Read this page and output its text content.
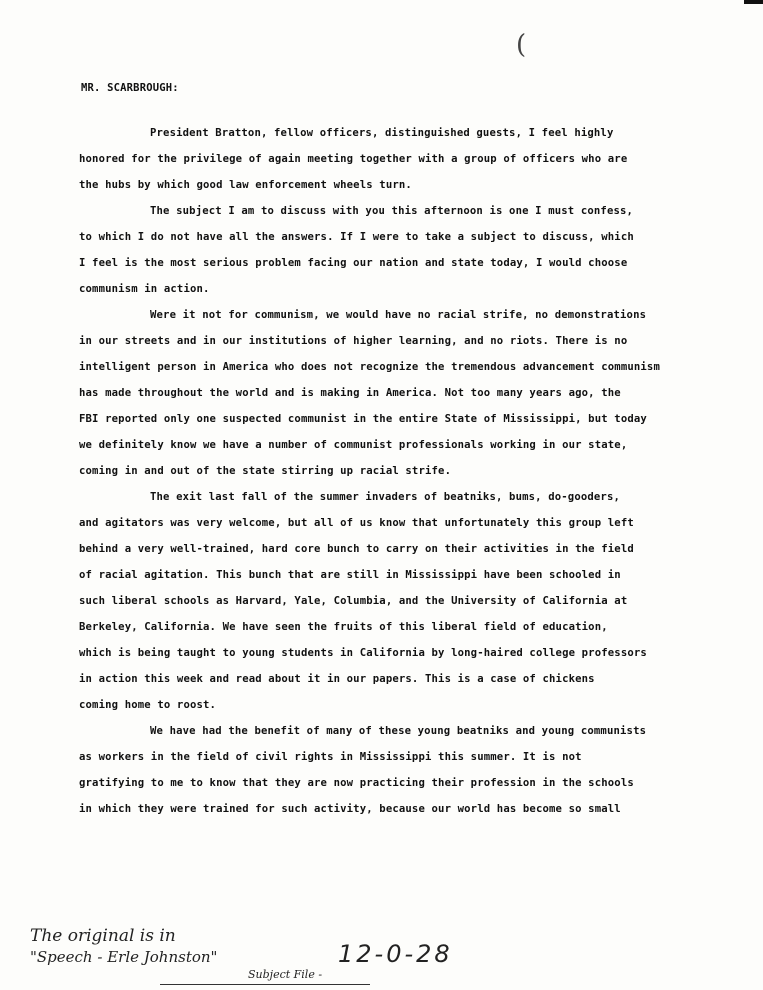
(
MR. SCARBROUGH:
President Bratton, fellow officers, distinguished guests, I feel highly
honored for the privilege of again meeting together with a group of officers who are
the hubs by which good law enforcement wheels turn.
The subject I am to discuss with you this afternoon is one I must confess,
to which I do not have all the answers. If I were to take a subject to discuss, which
I feel is the most serious problem facing our nation and state today, I would choose
communism in action.
Were it not for communism, we would have no racial strife, no demonstrations
in our streets and in our institutions of higher learning, and no riots. There is no
intelligent person in America who does not recognize the tremendous advancement communism
has made throughout the world and is making in America. Not too many years ago, the
FBI reported only one suspected communist in the entire State of Mississippi, but today
we definitely know we have a number of communist professionals working in our state,
coming in and out of the state stirring up racial strife.
The exit last fall of the summer invaders of beatniks, bums, do-gooders,
and agitators was very welcome, but all of us know that unfortunately this group left
behind a very well-trained, hard core bunch to carry on their activities in the field
of racial agitation. This bunch that are still in Mississippi have been schooled in
such liberal schools as Harvard, Yale, Columbia, and the University of California at
Berkeley, California. We have seen the fruits of this liberal field of education,
which is being taught to young students in California by long-haired college professors
in action this week and read about it in our papers. This is a case of chickens
coming home to roost.
We have had the benefit of many of these young beatniks and young communists
as workers in the field of civil rights in Mississippi this summer. It is not
gratifying to me to know that they are now practicing their profession in the schools
in which they were trained for such activity, because our world has become so small
The original is in
"Speech - Erle Johnston"
Subject File -
12-0-28
